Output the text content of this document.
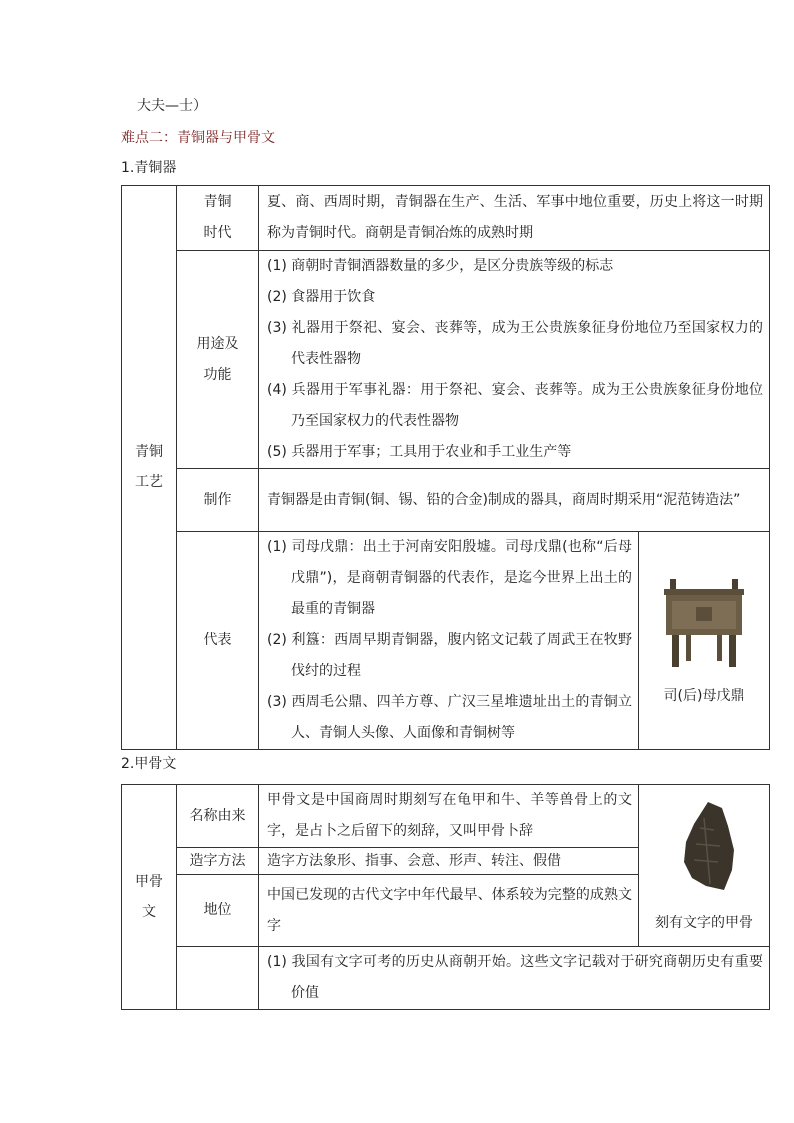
大夫—士）
难点二：青铜器与甲骨文
1.青铜器
青铜工艺	青铜时代	夏、商、西周时期，青铜器在生产、生活、军事中地位重要，历史上将这一时期称为青铜时代。商朝是青铜冶炼的成熟时期	
	用途及功能	(1) 商朝时青铜酒器数量的多少，是区分贵族等级的标志
(2) 食器用于饮食
(3) 礼器用于祭祀、宴会、丧葬等，成为王公贵族象征身份地位乃至国家权力的代表性器物
(4) 兵器用于军事礼器：用于祭祀、宴会、丧葬等。成为王公贵族象征身份地位乃至国家权力的代表性器物
(5) 兵器用于军事；工具用于农业和手工业生产等	

	制作	青铜器是由青铜(铜、锡、铅的合金)制成的器具，商周时期采用“泥范铸造法”	
	代表	(1) 司母戊鼎：出土于河南安阳殷墟。司母戊鼎(也称“后母戊鼎”)，是商朝青铜器的代表作，是迄今世界上出土的最重的青铜器
(2) 利簋：西周早期青铜器，腹内铭文记载了周武王在牧野伐纣的过程
(3) 西周毛公鼎、四羊方尊、广汉三星堆遗址出土的青铜立人、青铜人头像、人面像和青铜树等	司(后)母戊鼎
2.甲骨文
甲骨文	名称由来	甲骨文是中国商周时期刻写在龟甲和牛、羊等兽骨上的文字，是占卜之后留下的刻辞，又叫甲骨卜辞	刻有文字的甲骨

	造字方法	造字方法象形、指事、会意、形声、转注、假借	
	地位	中国已发现的古代文字中年代最早、体系较为完整的成熟文字	

		(1) 我国有文字可考的历史从商朝开始。这些文字记载对于研究商朝历史有重要价值	
